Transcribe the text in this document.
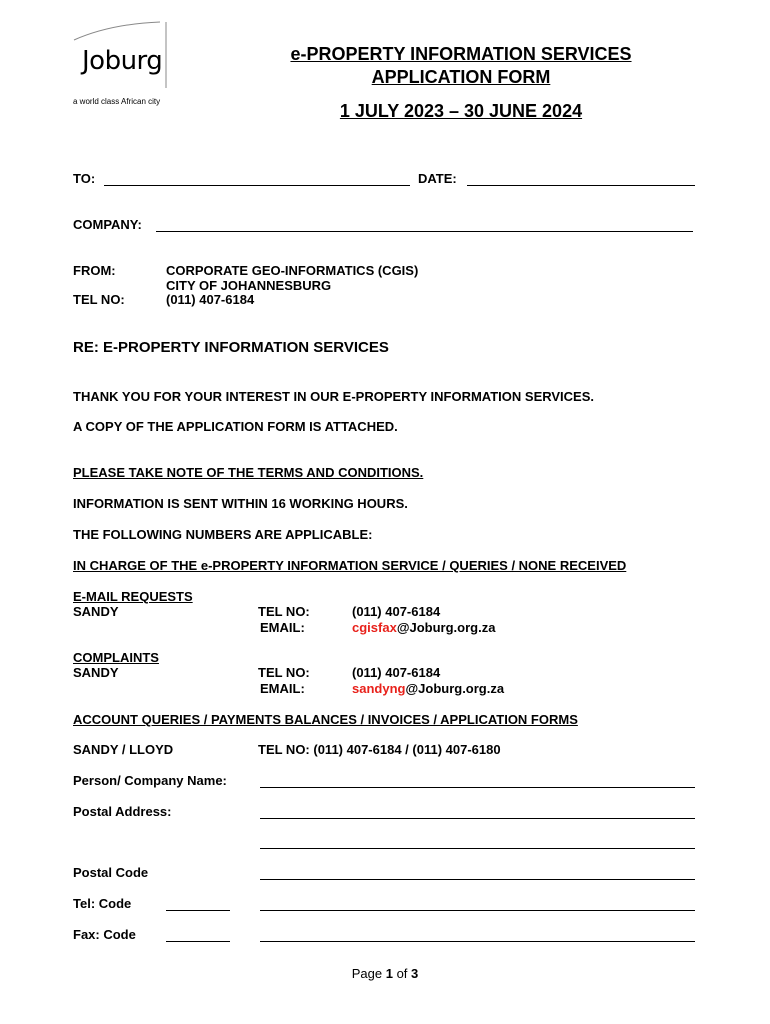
Joburg
a world class African city
e-PROPERTY INFORMATION SERVICES
APPLICATION FORM
1 JULY 2023 – 30 JUNE 2024
TO:	DATE:
COMPANY:
FROM:	CORPORATE GEO-INFORMATICS (CGIS)
CITY OF JOHANNESBURG
TEL NO:	(011) 407-6184
RE: E-PROPERTY INFORMATION SERVICES
THANK YOU FOR YOUR INTEREST IN OUR E-PROPERTY INFORMATION SERVICES.
A COPY OF THE APPLICATION FORM IS ATTACHED.
PLEASE TAKE NOTE OF THE TERMS AND CONDITIONS.
INFORMATION IS SENT WITHIN 16 WORKING HOURS.
THE FOLLOWING NUMBERS ARE APPLICABLE:
IN CHARGE OF THE e-PROPERTY INFORMATION SERVICE / QUERIES / NONE RECEIVED
E-MAIL REQUESTS
SANDY	TEL NO:	(011) 407-6184
EMAIL:	cgisfax@Joburg.org.za
COMPLAINTS
SANDY	TEL NO:	(011) 407-6184
EMAIL:	sandyng@Joburg.org.za
ACCOUNT QUERIES / PAYMENTS BALANCES / INVOICES / APPLICATION FORMS
SANDY / LLOYD	TEL NO: (011) 407-6184 / (011) 407-6180
Person/ Company Name:
Postal Address:
Postal Code
Tel: Code
Fax: Code
Page 1 of 3
